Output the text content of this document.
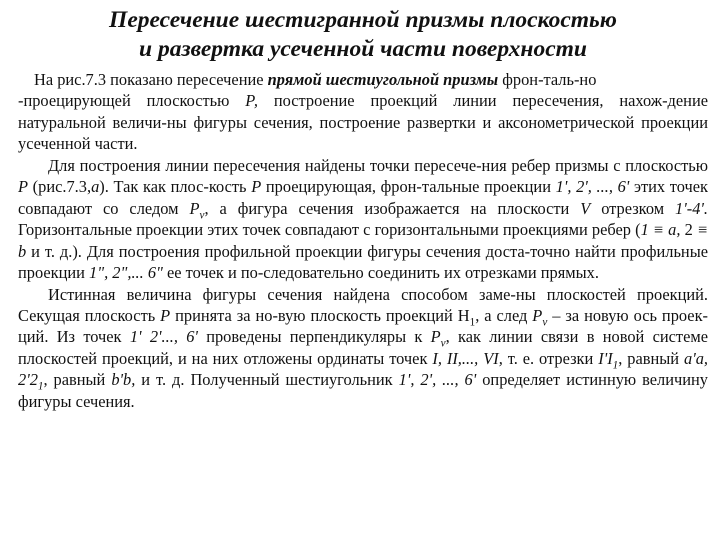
Пересечение шестигранной призмы плоскостью
и развертка усеченной части поверхности

На рис.7.3 показано пересечение прямой шестиугольной призмы фрон-таль-но
-проецирующей плоскостью Р, построение проекций линии пересечения, нахож-дение натуральной величи-ны фигуры сечения, построение развертки и аксонометрической проекции усеченной части.

Для построения линии пересечения найдены точки пересече-ния ребер призмы с плоскостью Р (рис.7.3,а). Так как плос-кость Р проецирующая, фрон-тальные проекции 1', 2', ..., 6' этих точек совпадают со следом $P_v$, а фигура сечения изображается на плоскости V отрезком 1'-4'. Горизонтальные проекции этих точек совпадают с горизонтальными проекциями ребер (1 ≡ а, 2 ≡ b и т. д.). Для построения профильной проекции фигуры сечения доста-точно найти профильные проекции 1", 2",... 6" ее точек и по-следовательно соединить их отрезками прямых.

Истинная величина фигуры сечения найдена способом заме-ны плоскостей проекций. Секущая плоскость Р принята за но-вую плоскость проекций $Н_1$, а след $P_v$ – за новую ось проек-ций. Из точек 1' 2'..., 6' проведены перпендикуляры к $P_v$, как линии связи в новой системе плоскостей проекций, и на них отложены ординаты точек I, II,..., VI, т. е. отрезки $I'I_1$, равный a'a, $2'2_1$, равный b'b, и т. д. Полученный шестиугольник 1', 2', ..., 6' определяет истинную величину фигуры сечения.
